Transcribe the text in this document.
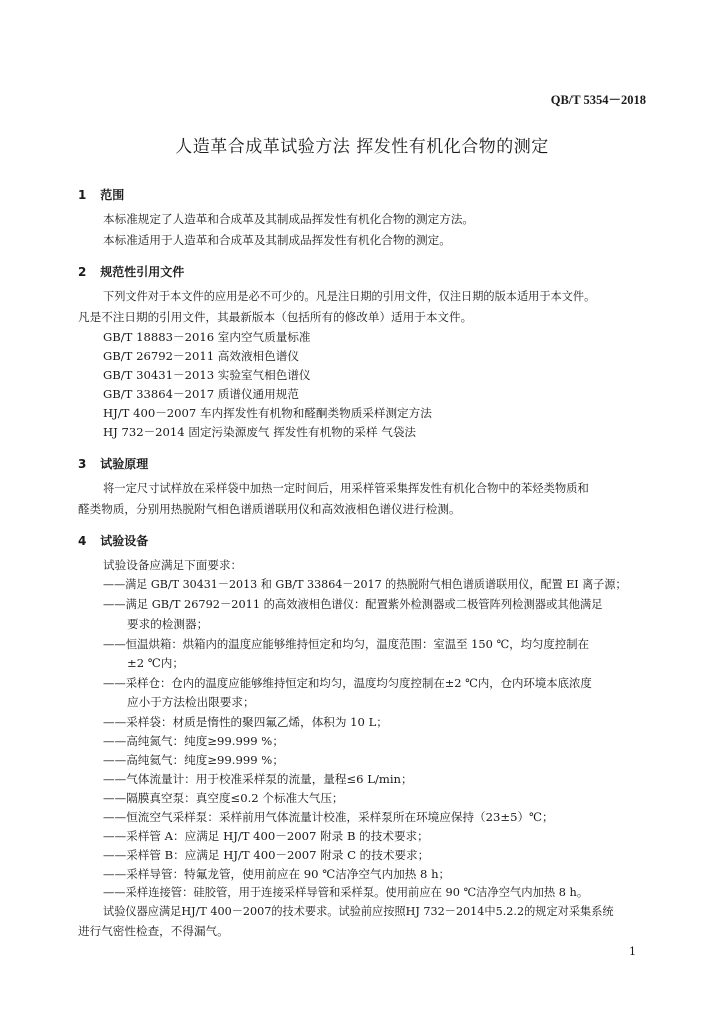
QB/T 5354－2018
人造革合成革试验方法 挥发性有机化合物的测定
1 范围
本标准规定了人造革和合成革及其制成品挥发性有机化合物的测定方法。
本标准适用于人造革和合成革及其制成品挥发性有机化合物的测定。
2 规范性引用文件
下列文件对于本文件的应用是必不可少的。凡是注日期的引用文件，仅注日期的版本适用于本文件。
凡是不注日期的引用文件，其最新版本（包括所有的修改单）适用于本文件。
GB/T 18883－2016 室内空气质量标准
GB/T 26792－2011 高效液相色谱仪
GB/T 30431－2013 实验室气相色谱仪
GB/T 33864－2017 质谱仪通用规范
HJ/T 400－2007 车内挥发性有机物和醛酮类物质采样测定方法
HJ 732－2014 固定污染源废气 挥发性有机物的采样 气袋法
3 试验原理
将一定尺寸试样放在采样袋中加热一定时间后，用采样管采集挥发性有机化合物中的苯烃类物质和
醛类物质，分别用热脱附气相色谱质谱联用仪和高效液相色谱仪进行检测。
4 试验设备
试验设备应满足下面要求：
——满足 GB/T 30431－2013 和 GB/T 33864－2017 的热脱附气相色谱质谱联用仪，配置 EI 离子源；
——满足 GB/T 26792－2011 的高效液相色谱仪：配置紫外检测器或二极管阵列检测器或其他满足
要求的检测器；
——恒温烘箱：烘箱内的温度应能够维持恒定和均匀，温度范围：室温至 150 ℃，均匀度控制在
±2 ℃内；
——采样仓：仓内的温度应能够维持恒定和均匀，温度均匀度控制在±2 ℃内，仓内环境本底浓度
应小于方法检出限要求；
——采样袋：材质是惰性的聚四氟乙烯，体积为 10 L；
——高纯氮气：纯度≥99.999 %；
——高纯氦气：纯度≥99.999 %；
——气体流量计：用于校准采样泵的流量，量程≤6 L/min；
——隔膜真空泵：真空度≤0.2 个标准大气压；
——恒流空气采样泵：采样前用气体流量计校准，采样泵所在环境应保持（23±5）℃；
——采样管 A：应满足 HJ/T 400－2007 附录 B 的技术要求；
——采样管 B：应满足 HJ/T 400－2007 附录 C 的技术要求；
——采样导管：特氟龙管，使用前应在 90 ℃洁净空气内加热 8 h；
——采样连接管：硅胶管，用于连接采样导管和采样泵。使用前应在 90 ℃洁净空气内加热 8 h。
试验仪器应满足HJ/T 400－2007的技术要求。试验前应按照HJ 732－2014中5.2.2的规定对采集系统
进行气密性检查，不得漏气。
1
